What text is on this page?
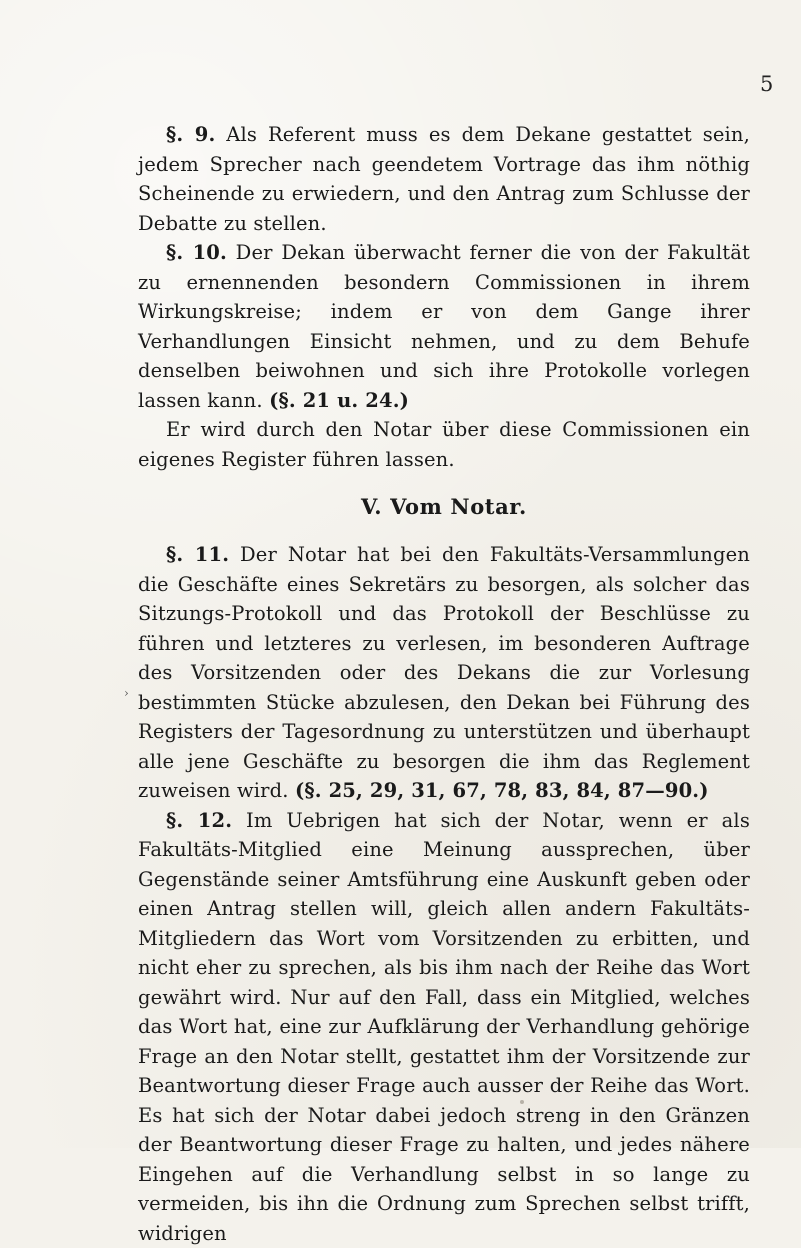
5
›

§. 9. Als Referent muss es dem Dekane gestattet sein, jedem Sprecher nach geendetem Vortrage das ihm nöthig Scheinende zu erwiedern, und den Antrag zum Schlusse der Debatte zu stellen.

§. 10. Der Dekan überwacht ferner die von der Fakultät zu ernennenden besondern Commissionen in ihrem Wirkungskreise; indem er von dem Gange ihrer Verhandlungen Einsicht nehmen, und zu dem Behufe denselben beiwohnen und sich ihre Protokolle vorlegen lassen kann. (§. 21 u. 24.)

Er wird durch den Notar über diese Commissionen ein eigenes Register führen lassen.

V. Vom Notar.

§. 11. Der Notar hat bei den Fakultäts-Versammlungen die Geschäfte eines Sekretärs zu besorgen, als solcher das Sitzungs-Protokoll und das Protokoll der Beschlüsse zu führen und letzteres zu verlesen, im besonderen Auftrage des Vorsitzenden oder des Dekans die zur Vorlesung bestimmten Stücke abzulesen, den Dekan bei Führung des Registers der Tagesordnung zu unterstützen und überhaupt alle jene Geschäfte zu besorgen die ihm das Reglement zuweisen wird. (§. 25, 29, 31, 67, 78, 83, 84, 87—90.)

§. 12. Im Uebrigen hat sich der Notar, wenn er als Fakultäts-Mitglied eine Meinung aussprechen, über Gegenstände seiner Amtsführung eine Auskunft geben oder einen Antrag stellen will, gleich allen andern Fakultäts-Mitgliedern das Wort vom Vorsitzenden zu erbitten, und nicht eher zu sprechen, als bis ihm nach der Reihe das Wort gewährt wird. Nur auf den Fall, dass ein Mitglied, welches das Wort hat, eine zur Aufklärung der Verhandlung gehörige Frage an den Notar stellt, gestattet ihm der Vorsitzende zur Beantwortung dieser Frage auch ausser der Reihe das Wort. Es hat sich der Notar dabei jedoch streng in den Gränzen der Beantwortung dieser Frage zu halten, und jedes nähere Eingehen auf die Verhandlung selbst in so lange zu vermeiden, bis ihn die Ordnung zum Sprechen selbst trifft, widrigen
